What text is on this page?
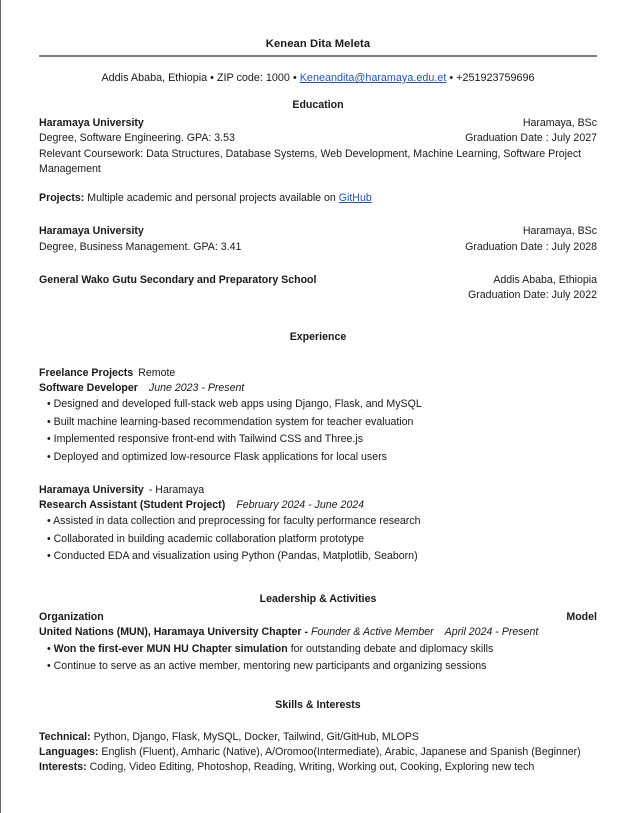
Kenean Dita Meleta
Addis Ababa, Ethiopia • ZIP code: 1000 • Keneandita@haramaya.edu.et • +251923759696
Education
Haramaya University	Haramaya, BSc
Degree, Software Engineering. GPA: 3.53	Graduation Date : July 2027
Relevant Coursework: Data Structures, Database Systems, Web Development, Machine Learning, Software Project Management
Projects: Multiple academic and personal projects available on GitHub
Haramaya University	Haramaya, BSc
Degree, Business Management. GPA: 3.41	Graduation Date : July 2028
General Wako Gutu Secondary and Preparatory School	Addis Ababa, Ethiopia
Graduation Date: July 2022
Experience
Freelance Projects Remote
Software Developer June 2023 - Present
• Designed and developed full-stack web apps using Django, Flask, and MySQL
• Built machine learning-based recommendation system for teacher evaluation
• Implemented responsive front-end with Tailwind CSS and Three.js
• Deployed and optimized low-resource Flask applications for local users
Haramaya University - Haramaya
Research Assistant (Student Project) February 2024 - June 2024
• Assisted in data collection and preprocessing for faculty performance research
• Collaborated in building academic collaboration platform prototype
• Conducted EDA and visualization using Python (Pandas, Matplotlib, Seaborn)
Leadership & Activities
Organization	Model
United Nations (MUN), Haramaya University Chapter - Founder & Active Member April 2024 - Present
• Won the first-ever MUN HU Chapter simulation for outstanding debate and diplomacy skills
• Continue to serve as an active member, mentoring new participants and organizing sessions
Skills & Interests
Technical: Python, Django, Flask, MySQL, Docker, Tailwind, Git/GitHub, MLOPS
Languages: English (Fluent), Amharic (Native), A/Oromoo(Intermediate), Arabic, Japanese and Spanish (Beginner)
Interests: Coding, Video Editing, Photoshop, Reading, Writing, Working out, Cooking, Exploring new tech
